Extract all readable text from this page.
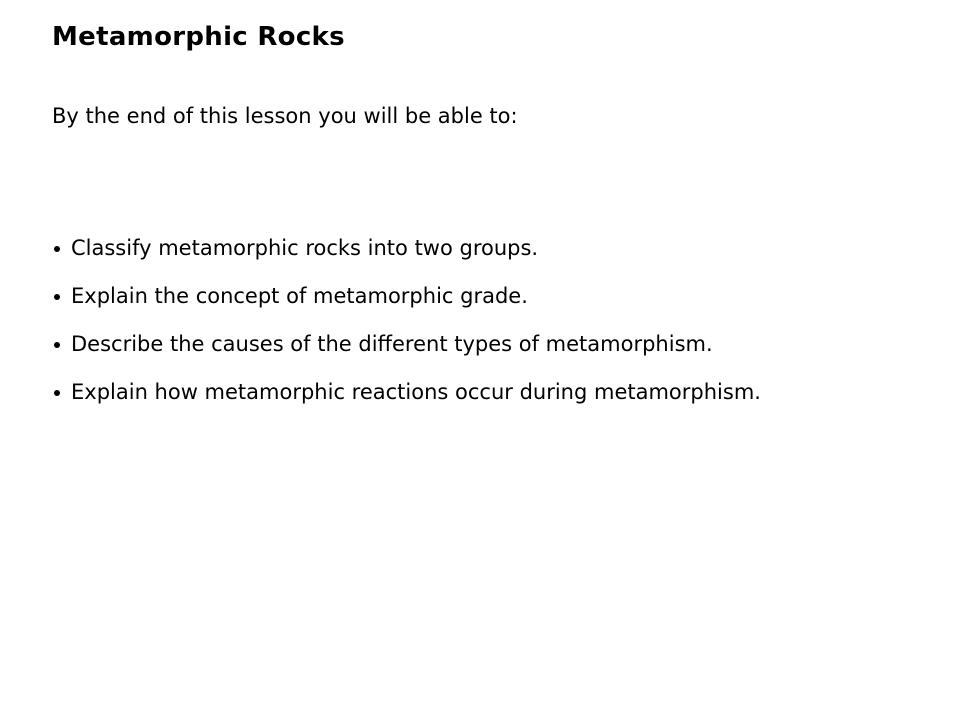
Metamorphic Rocks
By the end of this lesson you will be able to:
Classify metamorphic rocks into two groups.
Explain the concept of metamorphic grade.
Describe the causes of the different types of metamorphism.
Explain how metamorphic reactions occur during metamorphism.
